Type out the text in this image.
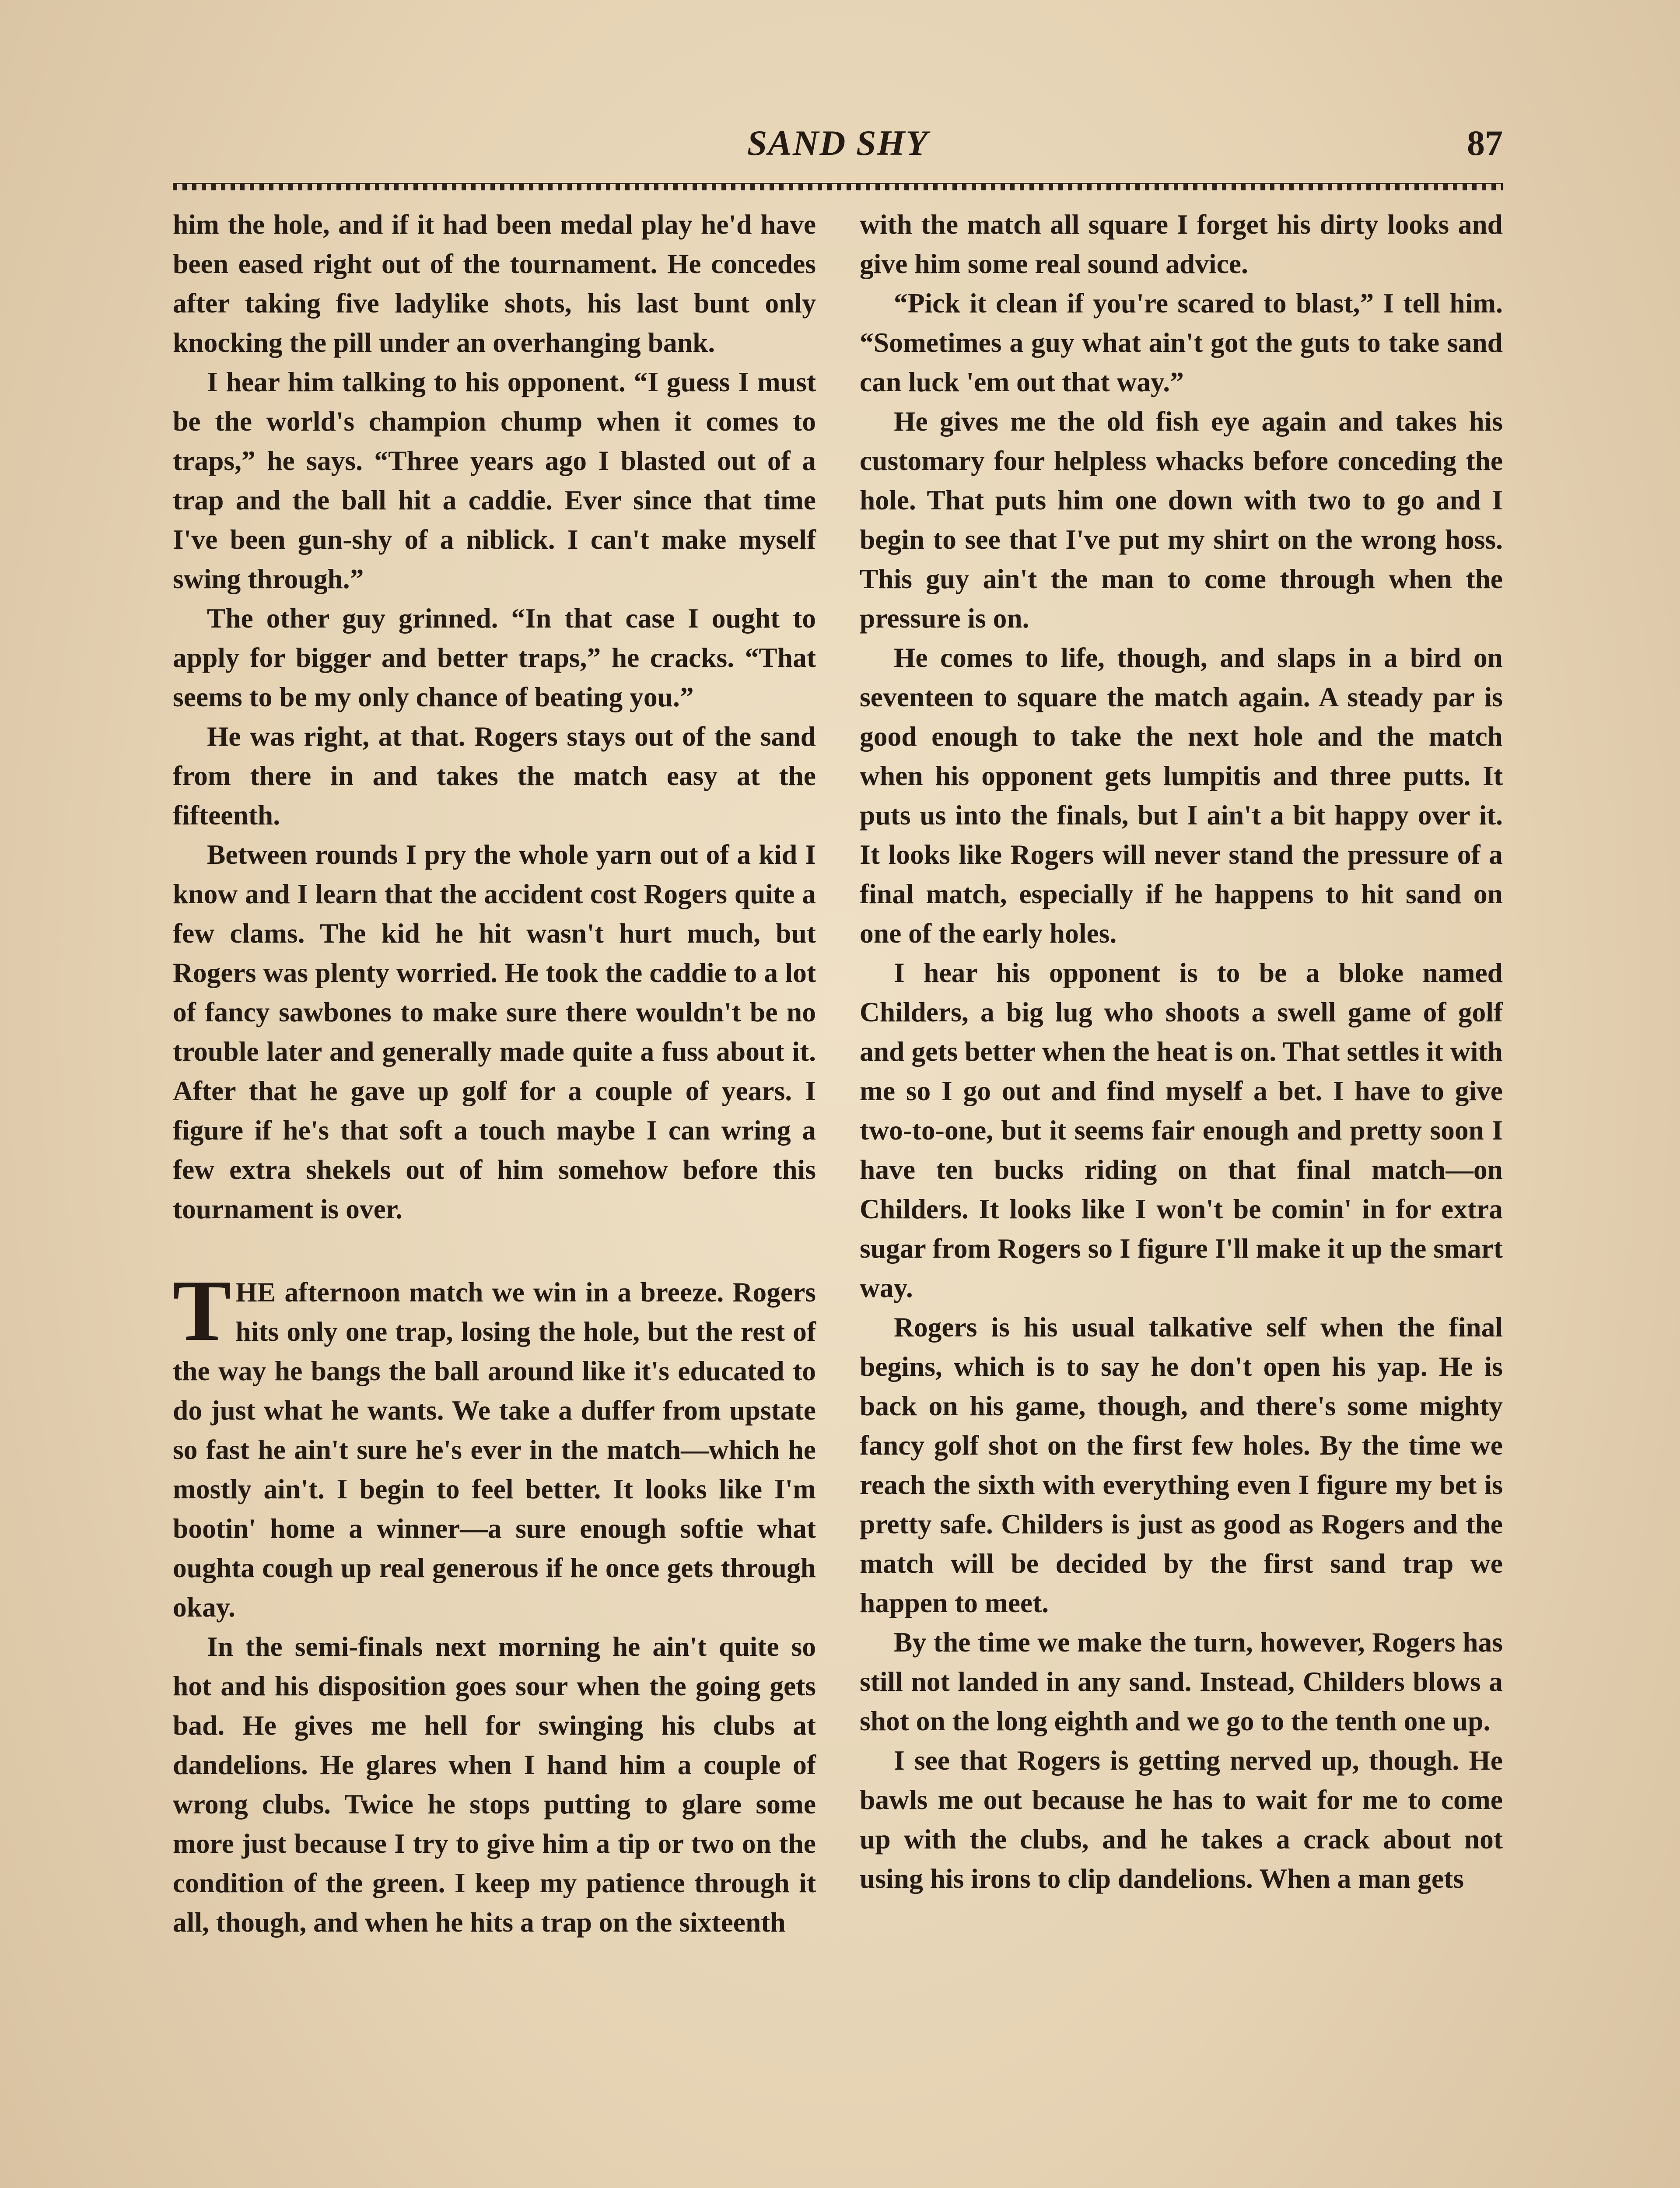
SAND SHY	87

him the hole, and if it had been medal play he'd have been eased right out of the tournament. He concedes after taking five ladylike shots, his last bunt only knocking the pill under an overhanging bank.

I hear him talking to his opponent. “I guess I must be the world's champion chump when it comes to traps,” he says. “Three years ago I blasted out of a trap and the ball hit a caddie. Ever since that time I've been gun-shy of a niblick. I can't make myself swing through.”

The other guy grinned. “In that case I ought to apply for bigger and better traps,” he cracks. “That seems to be my only chance of beating you.”

He was right, at that. Rogers stays out of the sand from there in and takes the match easy at the fifteenth.

Between rounds I pry the whole yarn out of a kid I know and I learn that the accident cost Rogers quite a few clams. The kid he hit wasn't hurt much, but Rogers was plenty worried. He took the caddie to a lot of fancy sawbones to make sure there wouldn't be no trouble later and generally made quite a fuss about it. After that he gave up golf for a couple of years. I figure if he's that soft a touch maybe I can wring a few extra shekels out of him somehow before this tournament is over.

THE afternoon match we win in a breeze. Rogers hits only one trap, losing the hole, but the rest of the way he bangs the ball around like it's educated to do just what he wants. We take a duffer from upstate so fast he ain't sure he's ever in the match—which he mostly ain't. I begin to feel better. It looks like I'm bootin' home a winner—a sure enough softie what oughta cough up real generous if he once gets through okay.

In the semi-finals next morning he ain't quite so hot and his disposition goes sour when the going gets bad. He gives me hell for swinging his clubs at dandelions. He glares when I hand him a couple of wrong clubs. Twice he stops putting to glare some more just because I try to give him a tip or two on the condition of the green. I keep my patience through it all, though, and when he hits a trap on the sixteenth

with the match all square I forget his dirty looks and give him some real sound advice.

“Pick it clean if you're scared to blast,” I tell him. “Sometimes a guy what ain't got the guts to take sand can luck 'em out that way.”

He gives me the old fish eye again and takes his customary four helpless whacks before conceding the hole. That puts him one down with two to go and I begin to see that I've put my shirt on the wrong hoss. This guy ain't the man to come through when the pressure is on.

He comes to life, though, and slaps in a bird on seventeen to square the match again. A steady par is good enough to take the next hole and the match when his opponent gets lumpitis and three putts. It puts us into the finals, but I ain't a bit happy over it. It looks like Rogers will never stand the pressure of a final match, especially if he happens to hit sand on one of the early holes.

I hear his opponent is to be a bloke named Childers, a big lug who shoots a swell game of golf and gets better when the heat is on. That settles it with me so I go out and find myself a bet. I have to give two-to-one, but it seems fair enough and pretty soon I have ten bucks riding on that final match—on Childers. It looks like I won't be comin' in for extra sugar from Rogers so I figure I'll make it up the smart way.

Rogers is his usual talkative self when the final begins, which is to say he don't open his yap. He is back on his game, though, and there's some mighty fancy golf shot on the first few holes. By the time we reach the sixth with everything even I figure my bet is pretty safe. Childers is just as good as Rogers and the match will be decided by the first sand trap we happen to meet.

By the time we make the turn, however, Rogers has still not landed in any sand. Instead, Childers blows a shot on the long eighth and we go to the tenth one up.

I see that Rogers is getting nerved up, though. He bawls me out because he has to wait for me to come up with the clubs, and he takes a crack about not using his irons to clip dandelions. When a man gets
